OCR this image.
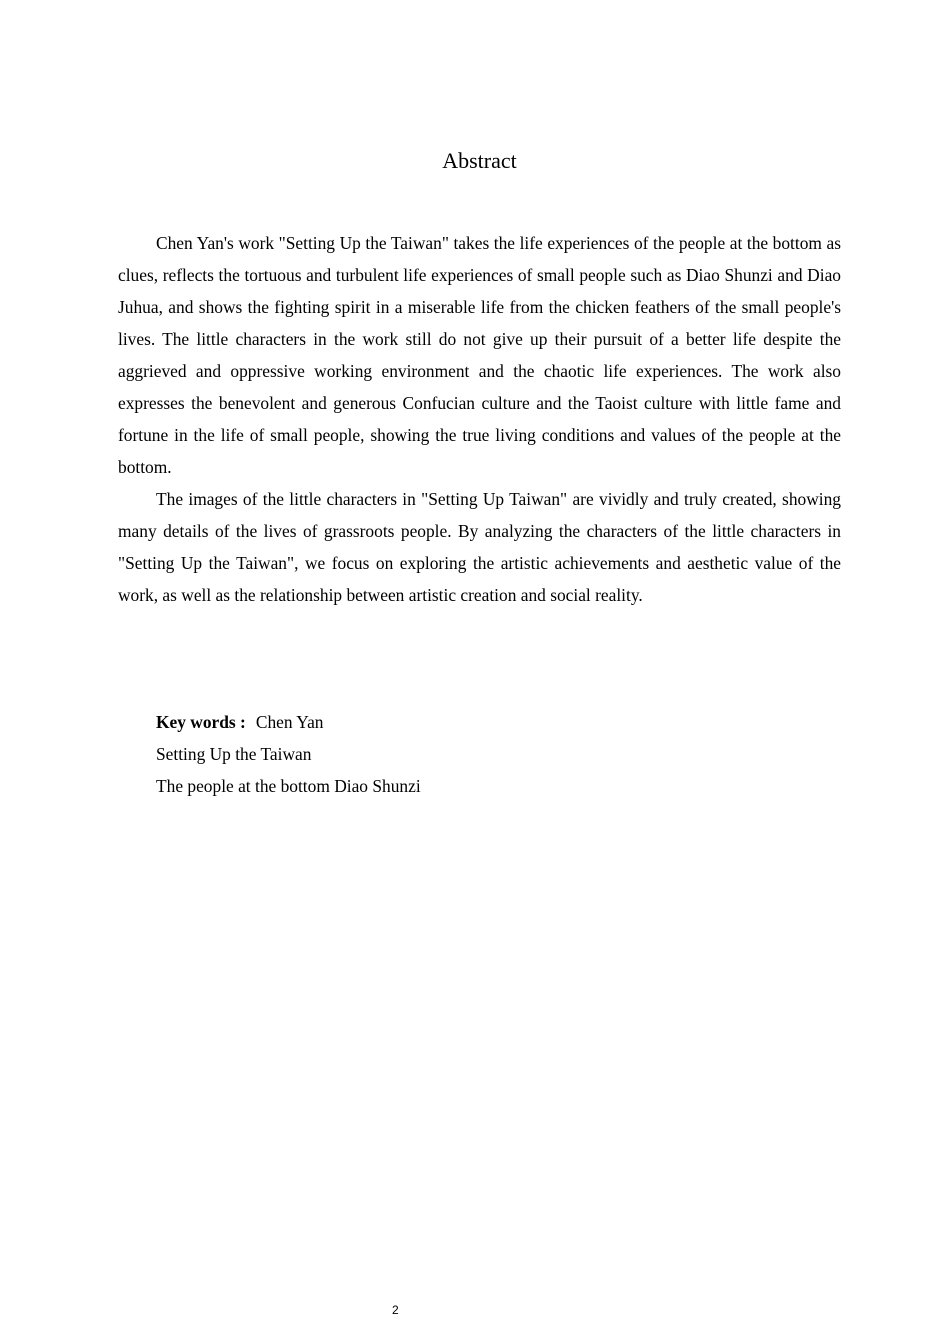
Abstract

Chen Yan's work "Setting Up the Taiwan" takes the life experiences of the people at the bottom as clues, reflects the tortuous and turbulent life experiences of small people such as Diao Shunzi and Diao Juhua, and shows the fighting spirit in a miserable life from the chicken feathers of the small people's lives. The little characters in the work still do not give up their pursuit of a better life despite the aggrieved and oppressive working environment and the chaotic life experiences. The work also expresses the benevolent and generous Confucian culture and the Taoist culture with little fame and fortune in the life of small people, showing the true living conditions and values of the people at the bottom.

The images of the little characters in "Setting Up Taiwan" are vividly and truly created, showing many details of the lives of grassroots people. By analyzing the characters of the little characters in "Setting Up the Taiwan", we focus on exploring the artistic achievements and aesthetic value of the work, as well as the relationship between artistic creation and social reality.

Key words : Chen Yan
Setting Up the Taiwan
The people at the bottom Diao Shunzi
2
